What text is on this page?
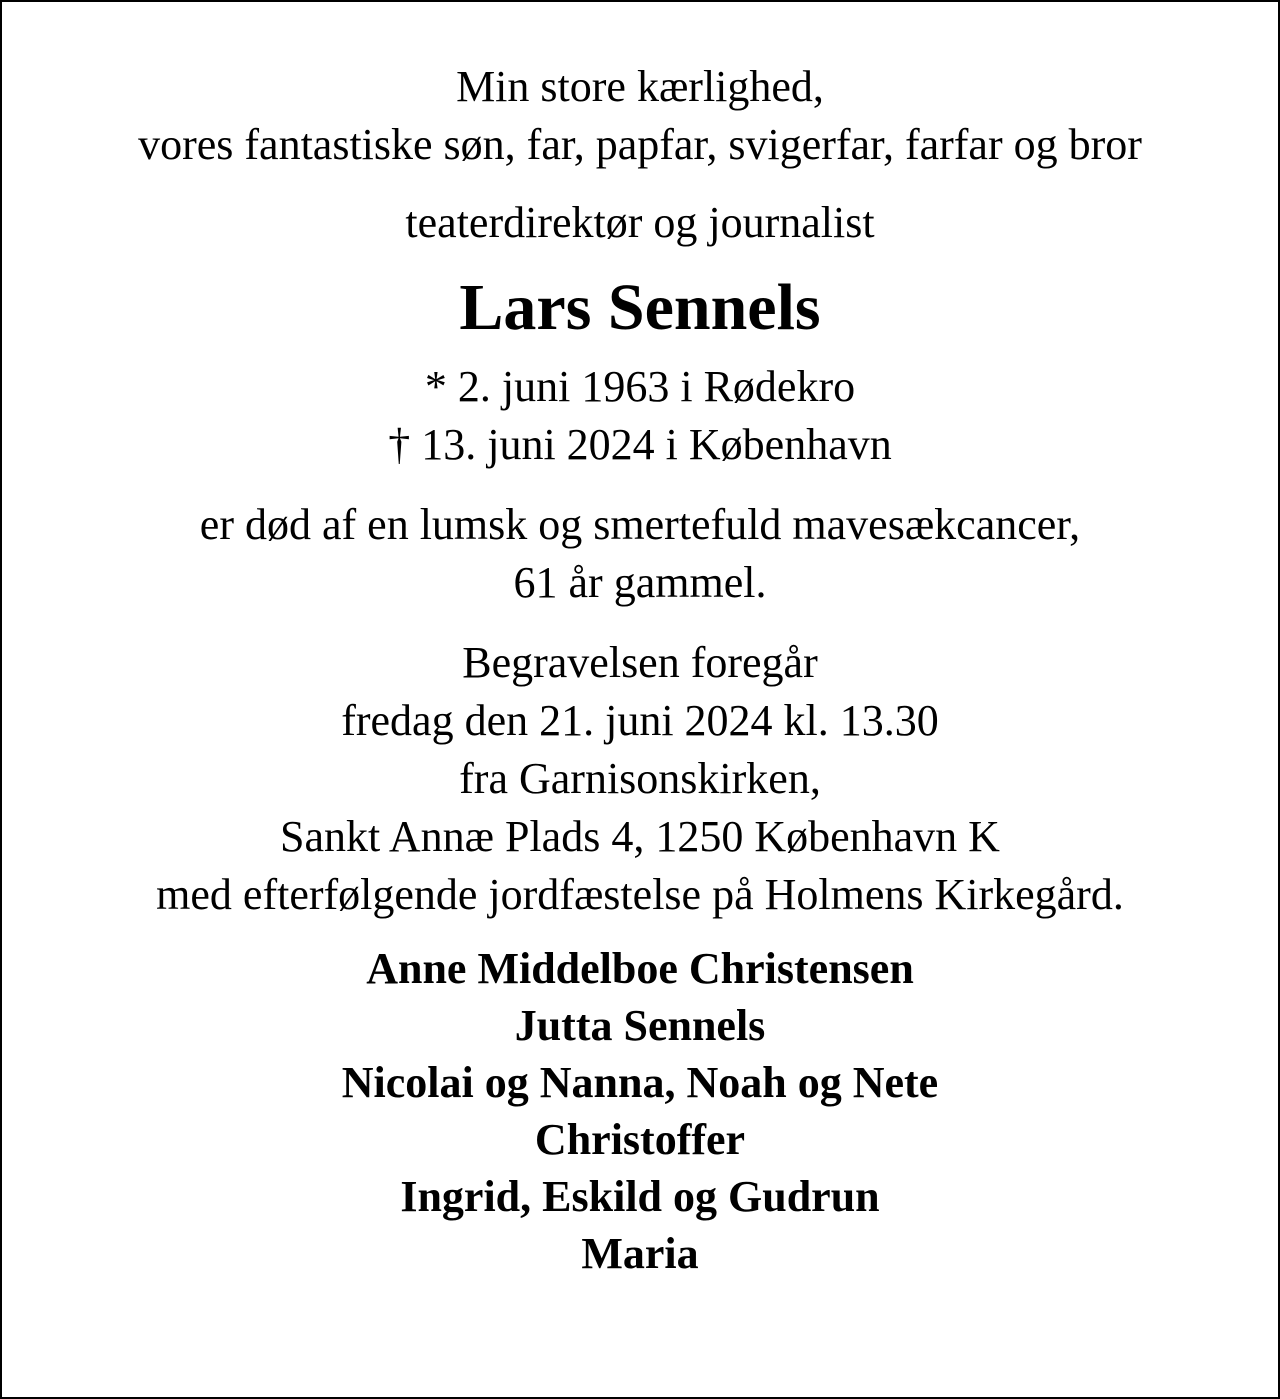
Min store kærlighed,
vores fantastiske søn, far, papfar, svigerfar, farfar og bror
teaterdirektør og journalist
Lars Sennels
* 2. juni 1963 i Rødekro
† 13. juni 2024 i København
er død af en lumsk og smertefuld mavesækcancer,
61 år gammel.
Begravelsen foregår
fredag den 21. juni 2024 kl. 13.30
fra Garnisonskirken,
Sankt Annæ Plads 4, 1250 København K
med efterfølgende jordfæstelse på Holmens Kirkegård.
Anne Middelboe Christensen
Jutta Sennels
Nicolai og Nanna, Noah og Nete
Christoffer
Ingrid, Eskild og Gudrun
Maria
